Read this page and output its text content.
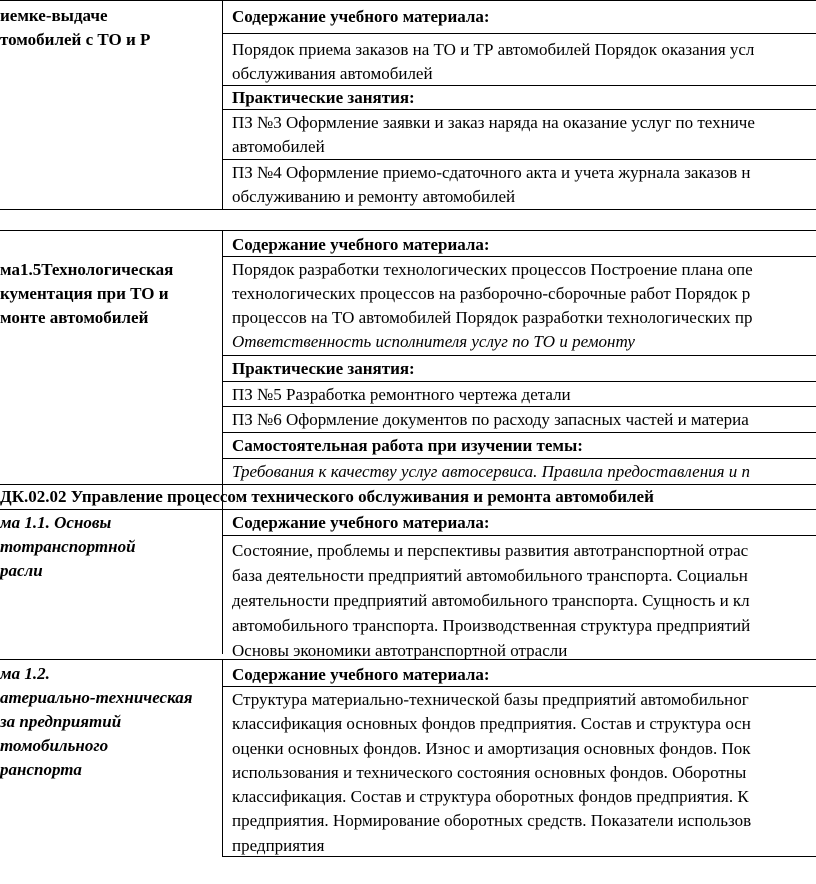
иемке-выдаче
томобилей с ТО и Р
Содержание учебного материала:
Порядок приема заказов на ТО и ТР автомобилей Порядок оказания усл
обслуживания автомобилей
Практические занятия:
ПЗ №3 Оформление заявки и заказ наряда на оказание услуг по техниче
автомобилей
ПЗ №4 Оформление приемо-сдаточного акта и учета журнала заказов н
обслуживанию и ремонту автомобилей
ма1.5Технологическая
кументация при ТО и
монте автомобилей
Содержание учебного материала:
Порядок разработки технологических процессов Построение плана опе
технологических процессов на разборочно-сборочные работ Порядок р
процессов на ТО автомобилей Порядок разработки технологических пр
Ответственность исполнителя услуг по ТО и ремонту
Практические занятия:
ПЗ №5 Разработка ремонтного чертежа детали
ПЗ №6 Оформление документов по расходу запасных частей и материа
Самостоятельная работа при изучении темы:
Требования к качеству услуг автосервиса. Правила предоставления и п
ДК.02.02 Управление процессом технического обслуживания и ремонта автомобилей
ма 1.1. Основы
тотранспортной
расли
Содержание учебного материала:
Состояние, проблемы и перспективы развития автотранспортной отрас
база деятельности предприятий автомобильного транспорта. Социальн
деятельности предприятий автомобильного транспорта. Сущность и кл
автомобильного транспорта. Производственная структура предприятий
Основы экономики автотранспортной отрасли
ма 1.2.
атериально-техническая
за предприятий
томобильного
ранспорта
Содержание учебного материала:
Структура материально-технической базы предприятий автомобильног
классификация основных фондов предприятия. Состав и структура осн
оценки основных фондов. Износ и амортизация основных фондов. Пок
использования и технического состояния основных фондов. Оборотны
классификация. Состав и структура оборотных фондов предприятия. К
предприятия. Нормирование оборотных средств. Показатели использов
предприятия
